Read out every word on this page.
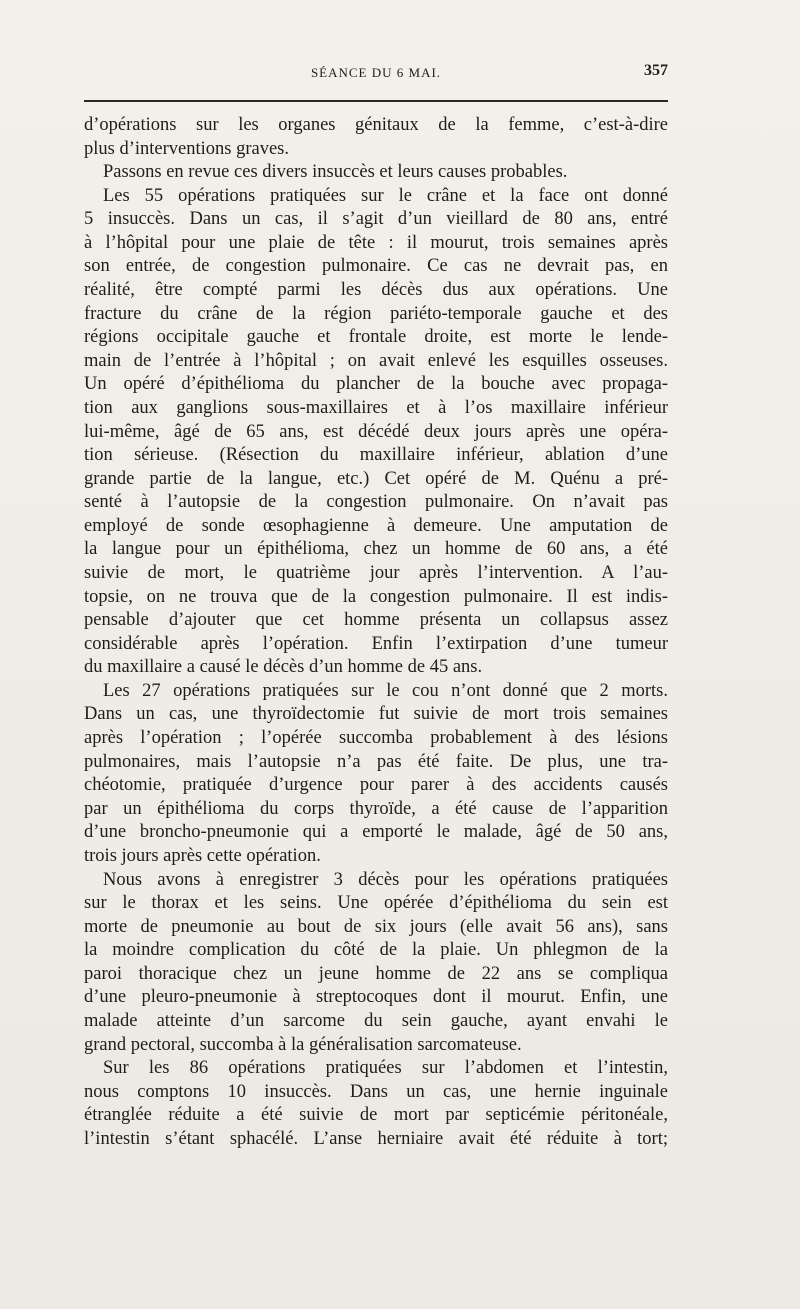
SÉANCE DU 6 MAI.	357
d’opérations sur les organes génitaux de la femme, c’est-à-dire
plus d’interventions graves.
Passons en revue ces divers insuccès et leurs causes probables.
Les 55 opérations pratiquées sur le crâne et la face ont donné
5 insuccès. Dans un cas, il s’agit d’un vieillard de 80 ans, entré
à l’hôpital pour une plaie de tête : il mourut, trois semaines après
son entrée, de congestion pulmonaire. Ce cas ne devrait pas, en
réalité, être compté parmi les décès dus aux opérations. Une
fracture du crâne de la région pariéto-temporale gauche et des
régions occipitale gauche et frontale droite, est morte le lende-
main de l’entrée à l’hôpital ; on avait enlevé les esquilles osseuses.
Un opéré d’épithélioma du plancher de la bouche avec propaga-
tion aux ganglions sous-maxillaires et à l’os maxillaire inférieur
lui-même, âgé de 65 ans, est décédé deux jours après une opéra-
tion sérieuse. (Résection du maxillaire inférieur, ablation d’une
grande partie de la langue, etc.) Cet opéré de M. Quénu a pré-
senté à l’autopsie de la congestion pulmonaire. On n’avait pas
employé de sonde œsophagienne à demeure. Une amputation de
la langue pour un épithélioma, chez un homme de 60 ans, a été
suivie de mort, le quatrième jour après l’intervention. A l’au-
topsie, on ne trouva que de la congestion pulmonaire. Il est indis-
pensable d’ajouter que cet homme présenta un collapsus assez
considérable après l’opération. Enfin l’extirpation d’une tumeur
du maxillaire a causé le décès d’un homme de 45 ans.
Les 27 opérations pratiquées sur le cou n’ont donné que 2 morts.
Dans un cas, une thyroïdectomie fut suivie de mort trois semaines
après l’opération ; l’opérée succomba probablement à des lésions
pulmonaires, mais l’autopsie n’a pas été faite. De plus, une tra-
chéotomie, pratiquée d’urgence pour parer à des accidents causés
par un épithélioma du corps thyroïde, a été cause de l’apparition
d’une broncho-pneumonie qui a emporté le malade, âgé de 50 ans,
trois jours après cette opération.
Nous avons à enregistrer 3 décès pour les opérations pratiquées
sur le thorax et les seins. Une opérée d’épithélioma du sein est
morte de pneumonie au bout de six jours (elle avait 56 ans), sans
la moindre complication du côté de la plaie. Un phlegmon de la
paroi thoracique chez un jeune homme de 22 ans se compliqua
d’une pleuro-pneumonie à streptocoques dont il mourut. Enfin, une
malade atteinte d’un sarcome du sein gauche, ayant envahi le
grand pectoral, succomba à la généralisation sarcomateuse.
Sur les 86 opérations pratiquées sur l’abdomen et l’intestin,
nous comptons 10 insuccès. Dans un cas, une hernie inguinale
étranglée réduite a été suivie de mort par septicémie péritonéale,
l’intestin s’étant sphacélé. L’anse herniaire avait été réduite à tort;
